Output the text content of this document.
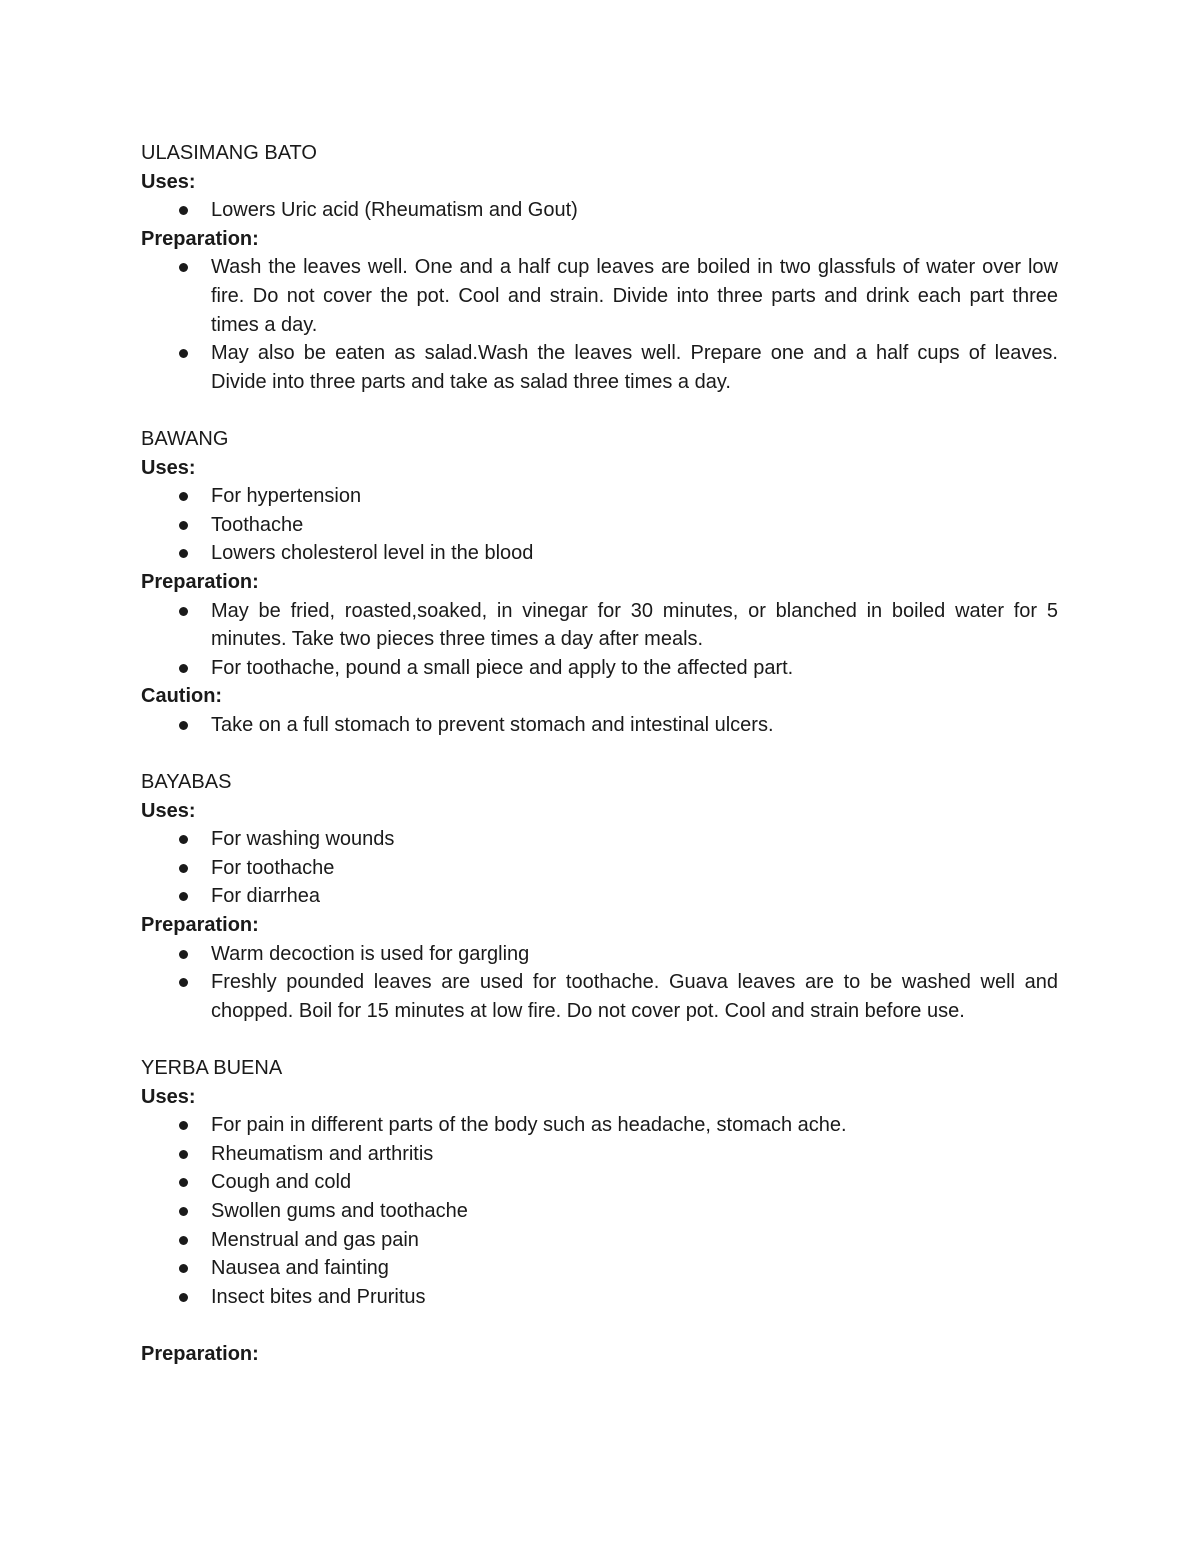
ULASIMANG BATO
Uses:
Lowers Uric acid (Rheumatism and Gout)
Preparation:
Wash the leaves well. One and a half cup leaves are boiled in two glassfuls of water over low fire. Do not cover the pot. Cool and strain. Divide into three parts and drink each part three times a day.
May also be eaten as salad.Wash the leaves well. Prepare one and a half cups of leaves. Divide into three parts and take as salad three times a day.
BAWANG
Uses:
For hypertension
Toothache
Lowers cholesterol level in the blood
Preparation:
May be fried, roasted,soaked, in vinegar for 30 minutes, or blanched in boiled water for 5 minutes. Take two pieces three times a day after meals.
For toothache, pound a small piece and apply to the affected part.
Caution:
Take on a full stomach to prevent stomach and intestinal ulcers.
BAYABAS
Uses:
For washing wounds
For toothache
For diarrhea
Preparation:
Warm decoction is used for gargling
Freshly pounded leaves are used for toothache. Guava leaves are to be washed well and chopped. Boil for 15 minutes at low fire. Do not cover pot. Cool and strain before use.
YERBA BUENA
Uses:
For pain in different parts of the body such as headache, stomach ache.
Rheumatism and arthritis
Cough and cold
Swollen gums and toothache
Menstrual and gas pain
Nausea and fainting
Insect bites and Pruritus
Preparation:
